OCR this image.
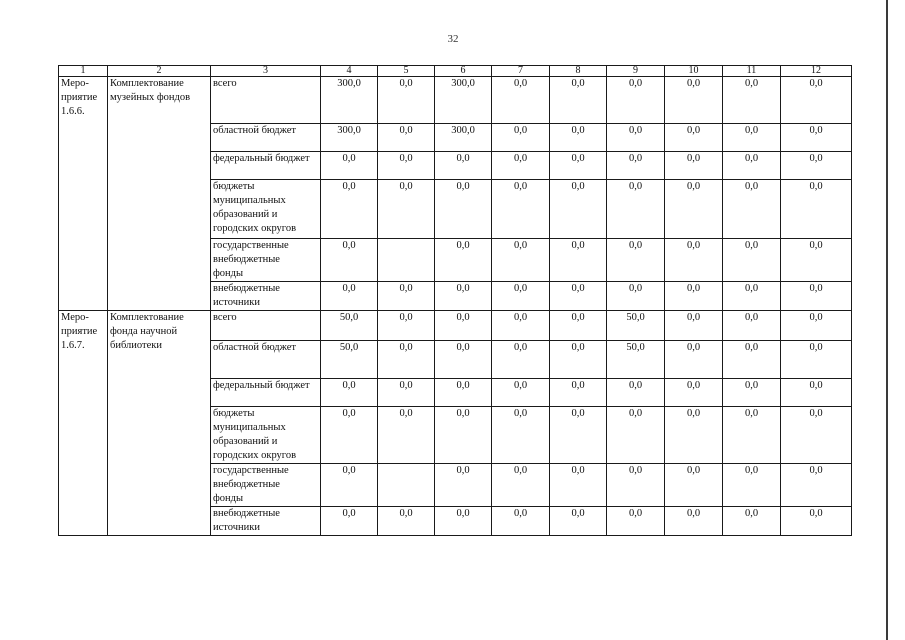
32
1	2	3	4	5	6	7	8	9	10	11	12
Меро-
приятие
1.6.6.	Комплектование
музейных фондов	всего	300,0	0,0	300,0	0,0	0,0	0,0	0,0	0,0	0,0
		областной бюджет	300,0	0,0	300,0	0,0	0,0	0,0	0,0	0,0	0,0
		федеральный бюджет	0,0	0,0	0,0	0,0	0,0	0,0	0,0	0,0	0,0
		бюджеты
муниципальных
образований и
городских округов	0,0	0,0	0,0	0,0	0,0	0,0	0,0	0,0	0,0
		государственные
внебюджетные
фонды	0,0		0,0	0,0	0,0	0,0	0,0	0,0	0,0
		внебюджетные
источники	0,0	0,0	0,0	0,0	0,0	0,0	0,0	0,0	0,0
Меро-
приятие
1.6.7.	Комплектование
фонда научной
библиотеки	всего	50,0	0,0	0,0	0,0	0,0	50,0	0,0	0,0	0,0
		областной бюджет	50,0	0,0	0,0	0,0	0,0	50,0	0,0	0,0	0,0
		федеральный бюджет	0,0	0,0	0,0	0,0	0,0	0,0	0,0	0,0	0,0
		бюджеты
муниципальных
образований и
городских округов	0,0	0,0	0,0	0,0	0,0	0,0	0,0	0,0	0,0
		государственные
внебюджетные
фонды	0,0		0,0	0,0	0,0	0,0	0,0	0,0	0,0
		внебюджетные
источники	0,0	0,0	0,0	0,0	0,0	0,0	0,0	0,0	0,0
